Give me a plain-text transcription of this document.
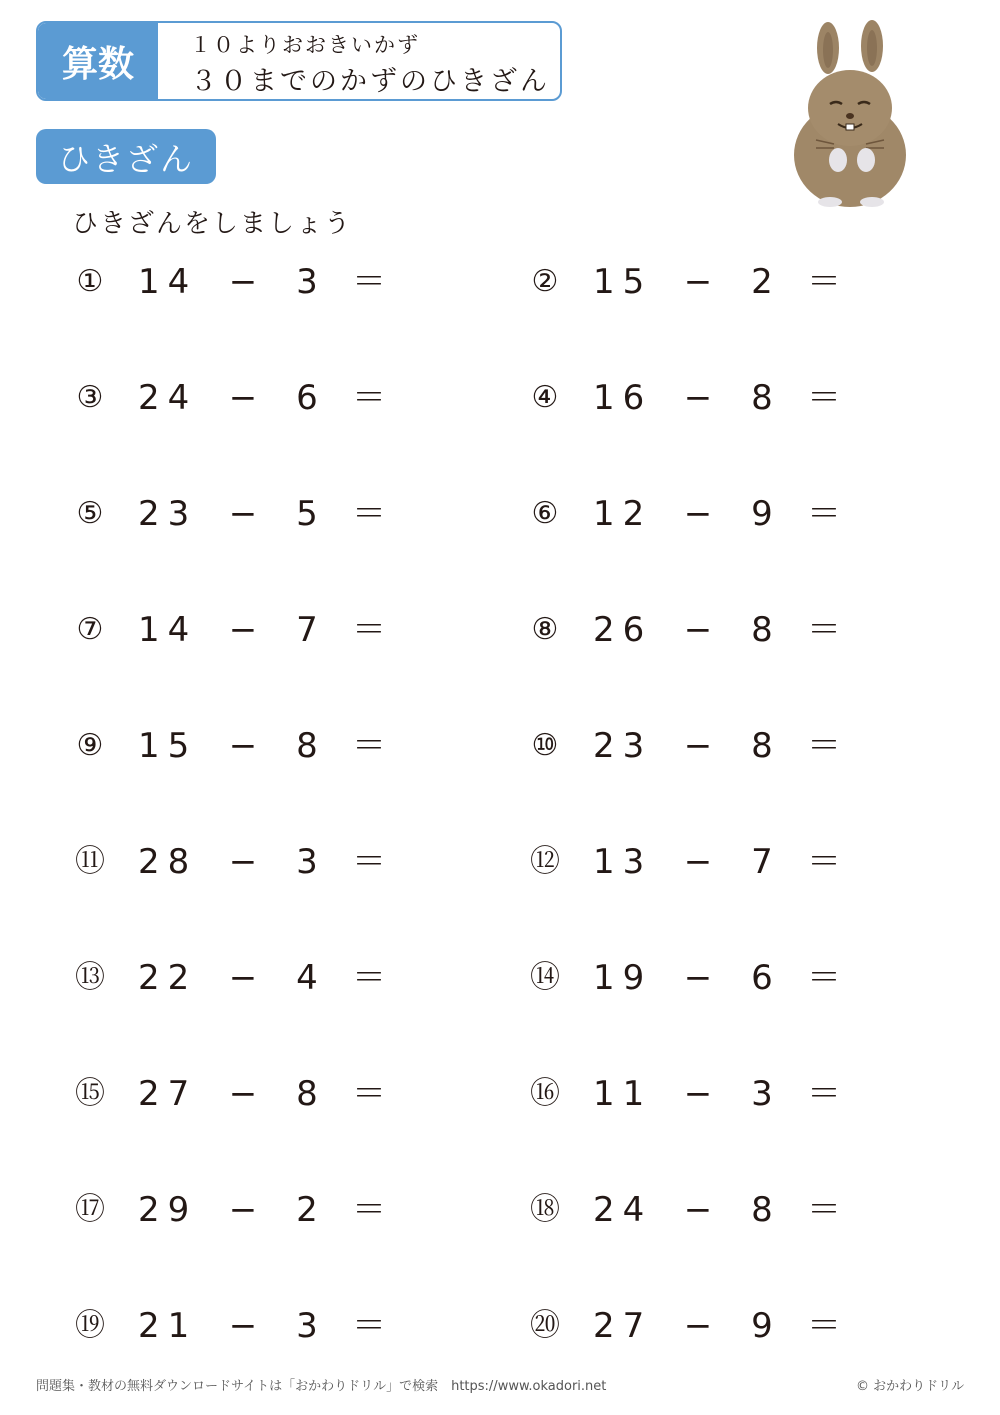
算数	１０よりおおきいかず
３０までのかずのひきざん
ひきざん
ひきざんをしましょう
① 14 − 3 ＝	② 15 − 2 ＝
③ 24 − 6 ＝	④ 16 − 8 ＝
⑤ 23 − 5 ＝	⑥ 12 − 9 ＝
⑦ 14 − 7 ＝	⑧ 26 − 8 ＝
⑨ 15 − 8 ＝	⑩ 23 − 8 ＝
⑪ 28 − 3 ＝	⑫ 13 − 7 ＝
⑬ 22 − 4 ＝	⑭ 19 − 6 ＝
⑮ 27 − 8 ＝	⑯ 11 − 3 ＝
⑰ 29 − 2 ＝	⑱ 24 − 8 ＝
⑲ 21 − 3 ＝	⑳ 27 − 9 ＝
問題集・教材の無料ダウンロードサイトは「おかわりドリル」で検索　https://www.okadori.net	© おかわりドリル
